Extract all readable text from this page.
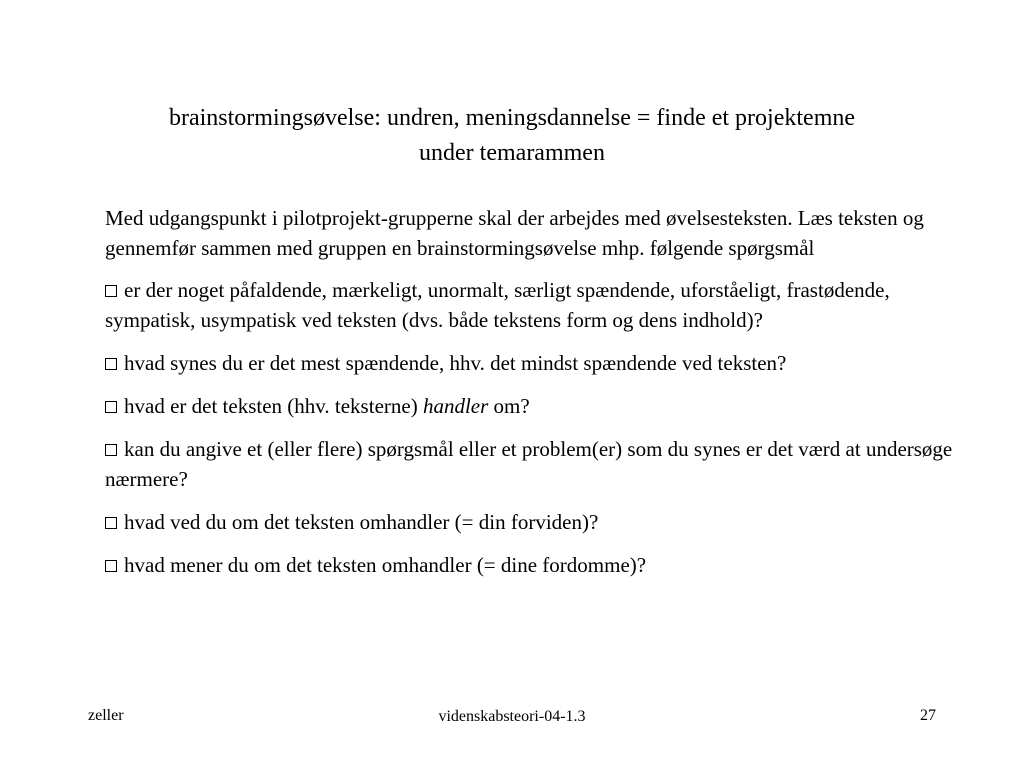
brainstormingsøvelse: undren, meningsdannelse = finde et projektemne
under temarammen

Med udgangspunkt i pilotprojekt-grupperne skal der arbejdes med øvelsesteksten. Læs teksten og gennemfør sammen med gruppen en brainstormingsøvelse mhp. følgende spørgsmål

er der noget påfaldende, mærkeligt, unormalt, særligt spændende, uforståeligt, frastødende, sympatisk, usympatisk ved teksten (dvs. både tekstens form og dens indhold)?

hvad synes du er det mest spændende, hhv. det mindst spændende ved teksten?

hvad er det teksten (hhv. teksterne) handler om?

kan du angive et (eller flere) spørgsmål eller et problem(er) som du synes er det værd at undersøge nærmere?

hvad ved du om det teksten omhandler (= din forviden)?

hvad mener du om det teksten omhandler (= dine fordomme)?

zeller	videnskabsteori-04-1.3	27
